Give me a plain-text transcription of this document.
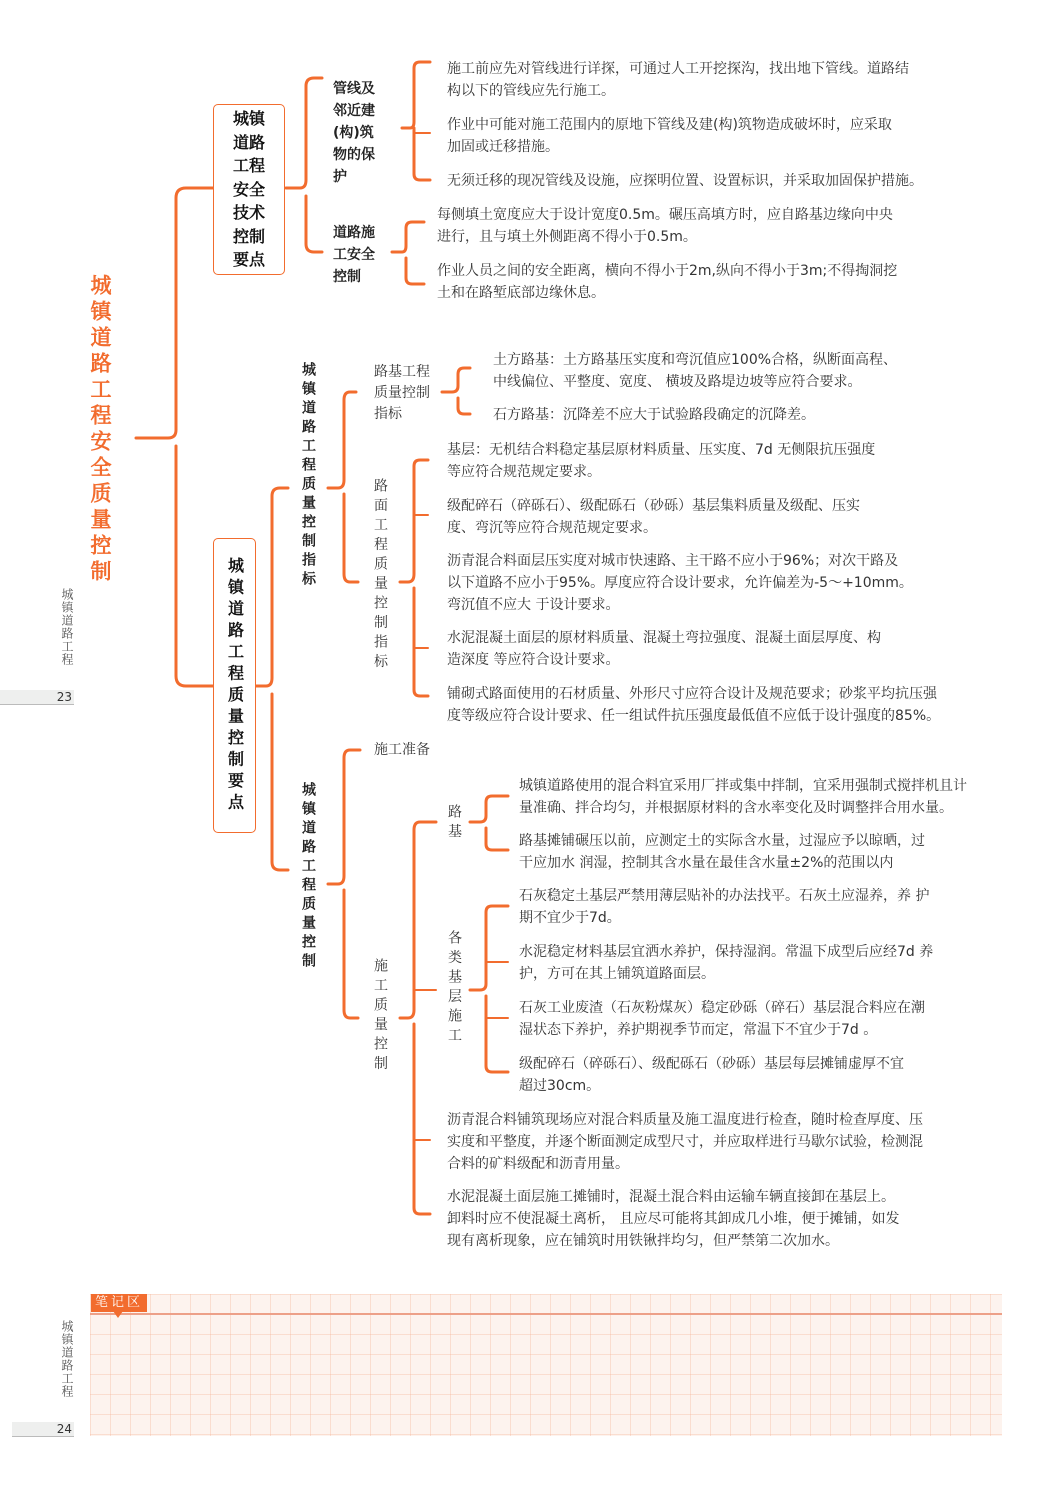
城镇道路工程安全质量控制
城镇
道路
工程
安全
技术
控制
要点
管线及
邻近建
(构)筑
物的保
护
施工前应先对管线进行详探，可通过人工开挖探沟，找出地下管线。道路结
构以下的管线应先行施工。
作业中可能对施工范围内的原地下管线及建(构)筑物造成破坏时，应采取
加固或迁移措施。
无须迁移的现况管线及设施，应探明位置、设置标识，并采取加固保护措施。
道路施
工安全
控制
每侧填土宽度应大于设计宽度0.5m。碾压高填方时，应自路基边缘向中央
进行，且与填土外侧距离不得小于0.5m。
作业人员之间的安全距离，横向不得小于2m,纵向不得小于3m;不得掏洞挖
土和在路堑底部边缘休息。
城镇道路工程质量控制要点
城镇道路工程质量控制指标	路基工程
质量控制
指标
土方路基：土方路基压实度和弯沉值应100%合格，纵断面高程、
中线偏位、平整度、宽度、 横坡及路堤边坡等应符合要求。
石方路基：沉降差不应大于试验路段确定的沉降差。
路面工程质量控制指标
基层：无机结合料稳定基层原材料质量、压实度、7d 无侧限抗压强度
等应符合规范规定要求。
级配碎石（碎砾石）、级配砾石（砂砾）基层集料质量及级配、压实
度、弯沉等应符合规范规定要求。
沥青混合料面层压实度对城市快速路、主干路不应小于96%；对次干路及
以下道路不应小于95%。厚度应符合设计要求，允许偏差为-5～+10mm。
弯沉值不应大 于设计要求。
水泥混凝土面层的原材料质量、混凝土弯拉强度、混凝土面层厚度、构
造深度 等应符合设计要求。
铺砌式路面使用的石材质量、外形尺寸应符合设计及规范要求；砂浆平均抗压强
度等级应符合设计要求、任一组试件抗压强度最低值不应低于设计强度的85%。
城镇道路工程质量控制
施工准备
施工质量控制
路基
城镇道路使用的混合料宜采用厂拌或集中拌制，宜采用强制式搅拌机且计
量准确、拌合均匀，并根据原材料的含水率变化及时调整拌合用水量。
路基摊铺碾压以前，应测定土的实际含水量，过湿应予以晾晒，过
干应加水 润湿，控制其含水量在最佳含水量±2%的范围以内
各类基层施工
石灰稳定土基层严禁用薄层贴补的办法找平。石灰土应湿养，养 护
期不宜少于7d。
水泥稳定材料基层宜洒水养护，保持湿润。常温下成型后应经7d 养
护，方可在其上铺筑道路面层。
石灰工业废渣（石灰粉煤灰）稳定砂砾（碎石）基层混合料应在潮
湿状态下养护，养护期视季节而定，常温下不宜少于7d 。
级配碎石（碎砾石）、级配砾石（砂砾）基层每层摊铺虚厚不宜
超过30cm。
沥青混合料铺筑现场应对混合料质量及施工温度进行检查，随时检查厚度、压
实度和平整度，并逐个断面测定成型尺寸，并应取样进行马歇尔试验，检测混
合料的矿料级配和沥青用量。
水泥混凝土面层施工摊铺时，混凝土混合料由运输车辆直接卸在基层上。
卸料时应不使混凝土离析， 且应尽可能将其卸成几小堆，便于摊铺，如发
现有离析现象，应在铺筑时用铁锹拌均匀，但严禁第二次加水。
城镇道路工程
23
笔记区
城镇道路工程
24
